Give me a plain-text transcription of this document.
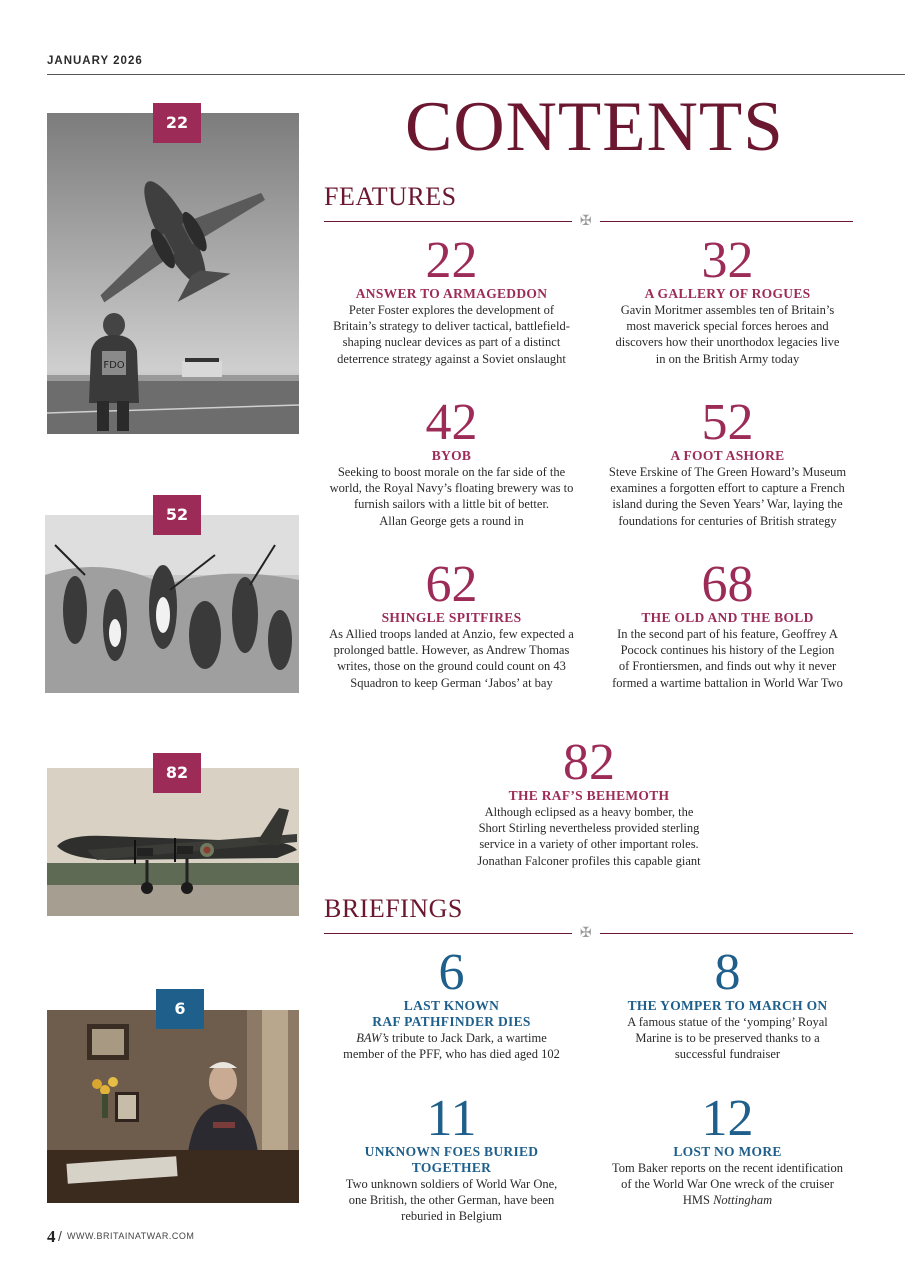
JANUARY 2026
CONTENTS
FDO
22
52
82
6
FEATURES
✠
22
ANSWER TO ARMAGEDDON
Peter Foster explores the development of
Britain’s strategy to deliver tactical, battlefield-
shaping nuclear devices as part of a distinct
deterrence strategy against a Soviet onslaught
32
A GALLERY OF ROGUES
Gavin Moritmer assembles ten of Britain’s
most maverick special forces heroes and
discovers how their unorthodox legacies live
in on the British Army today
42
BYOB
Seeking to boost morale on the far side of the
world, the Royal Navy’s floating brewery was to
furnish sailors with a little bit of better.
Allan George gets a round in
52
A FOOT ASHORE
Steve Erskine of The Green Howard’s Museum
examines a forgotten effort to capture a French
island during the Seven Years’ War, laying the
foundations for centuries of British strategy
62
SHINGLE SPITFIRES
As Allied troops landed at Anzio, few expected a
prolonged battle. However, as Andrew Thomas
writes, those on the ground could count on 43
Squadron to keep German ‘Jabos’ at bay
68
THE OLD AND THE BOLD
In the second part of his feature, Geoffrey A
Pocock continues his history of the Legion
of Frontiersmen, and finds out why it never
formed a wartime battalion in World War Two
82
THE RAF’S BEHEMOTH
Although eclipsed as a heavy bomber, the
Short Stirling nevertheless provided sterling
service in a variety of other important roles.
Jonathan Falconer profiles this capable giant
BRIEFINGS
✠
6
LAST KNOWN
RAF PATHFINDER DIES
BAW’s tribute to Jack Dark, a wartime
member of the PFF, who has died aged 102
8
THE YOMPER TO MARCH ON
A famous statue of the ‘yomping’ Royal
Marine is to be preserved thanks to a
successful fundraiser
11
UNKNOWN FOES BURIED TOGETHER
Two unknown soldiers of World War One,
one British, the other German, have been
reburied in Belgium
12
LOST NO MORE
Tom Baker reports on the recent identification
of the World War One wreck of the cruiser
HMS Nottingham
4 / WWW.BRITAINATWAR.COM
